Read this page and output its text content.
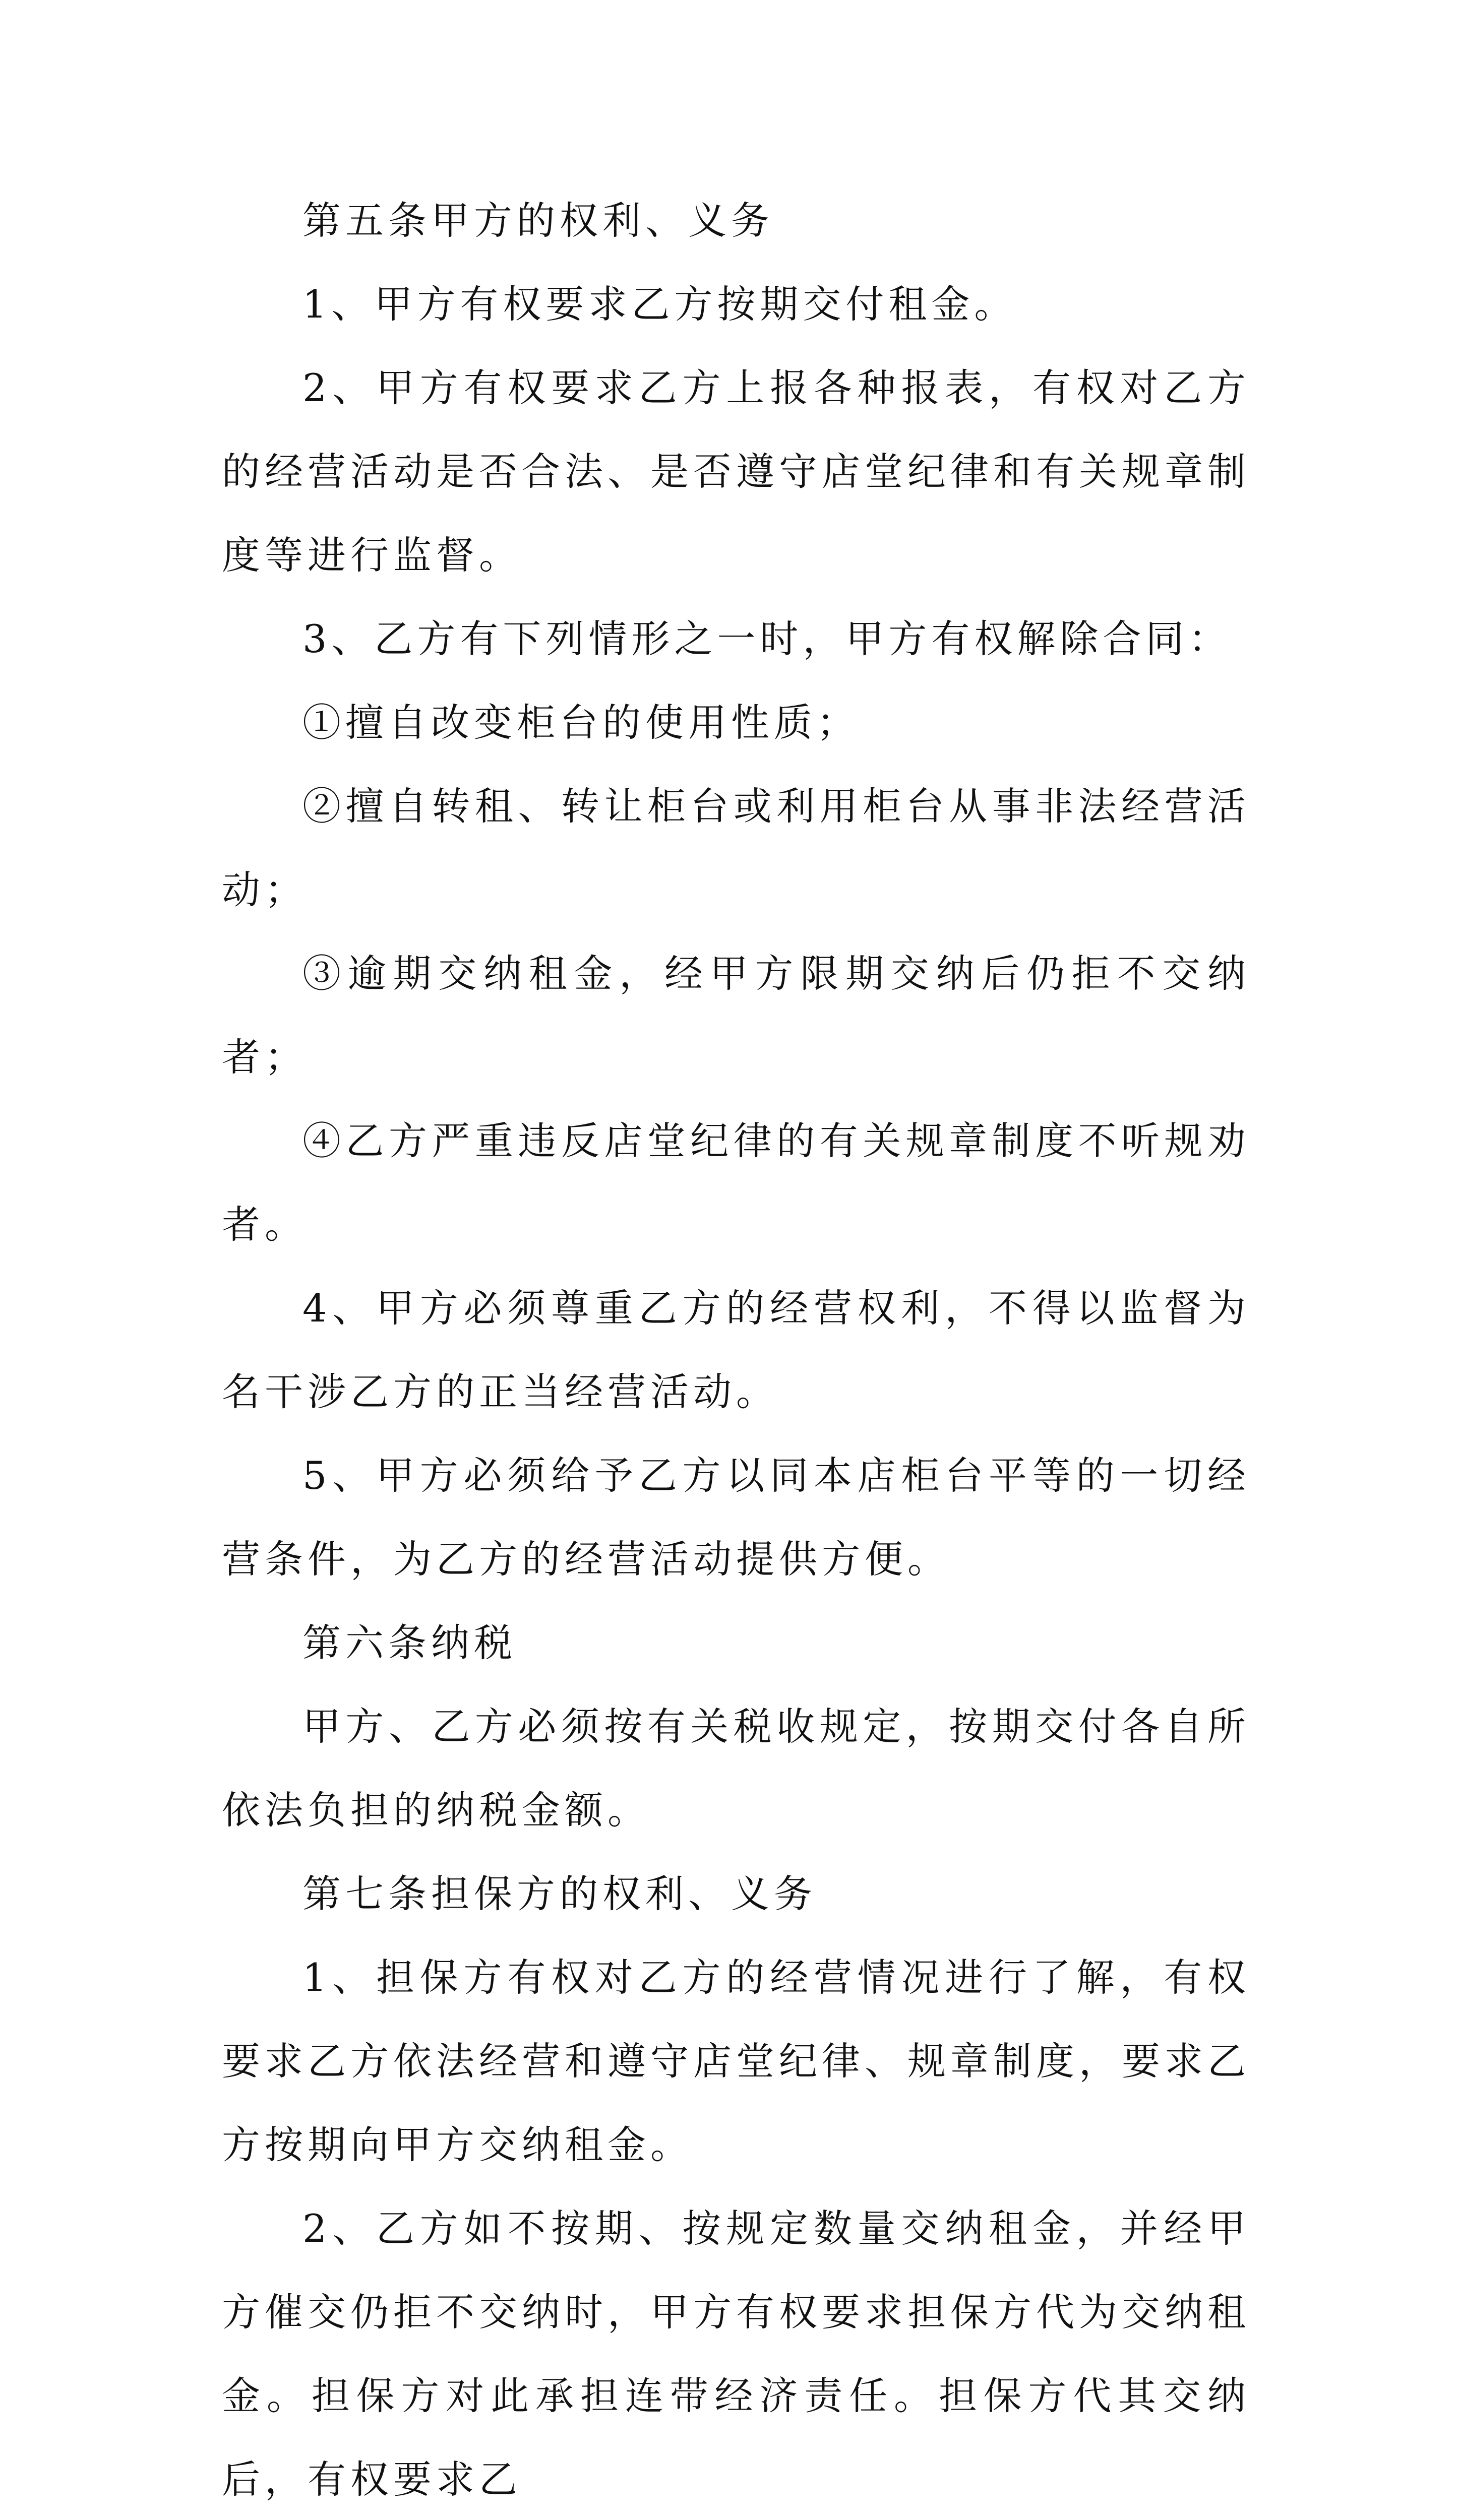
第五条甲方的权利、义务

1、甲方有权要求乙方按期交付租金。

2、甲方有权要求乙方上报各种报表，有权对乙方的经营活动是否合法、是否遵守店堂纪律和有关规章制度等进行监督。

3、乙方有下列情形之一时，甲方有权解除合同：

①擅自改变柜台的使用性质；

②擅自转租、转让柜台或利用柜台从事非法经营活动；

③逾期交纳租金，经甲方限期交纳后仍拒不交纳者；

④乙方严重违反店堂纪律的有关规章制度不听规劝者。

4、甲方必须尊重乙方的经营权利，不得以监督为名干涉乙方的正当经营活动。

5、甲方必须给予乙方以同本店柜台平等的一切经营条件，为乙方的经营活动提供方便。

第六条纳税

甲方、乙方必须按有关税收规定，按期交付各自所依法负担的纳税金额。

第七条担保方的权利、义务

1、担保方有权对乙方的经营情况进行了解，有权要求乙方依法经营和遵守店堂纪律、规章制度，要求乙方按期向甲方交纳租金。

2、乙方如不按期、按规定数量交纳租金，并经甲方催交仍拒不交纳时，甲方有权要求担保方代为交纳租金。担保方对此承担连带经济责任。担保方代其交纳后，有权要求乙
